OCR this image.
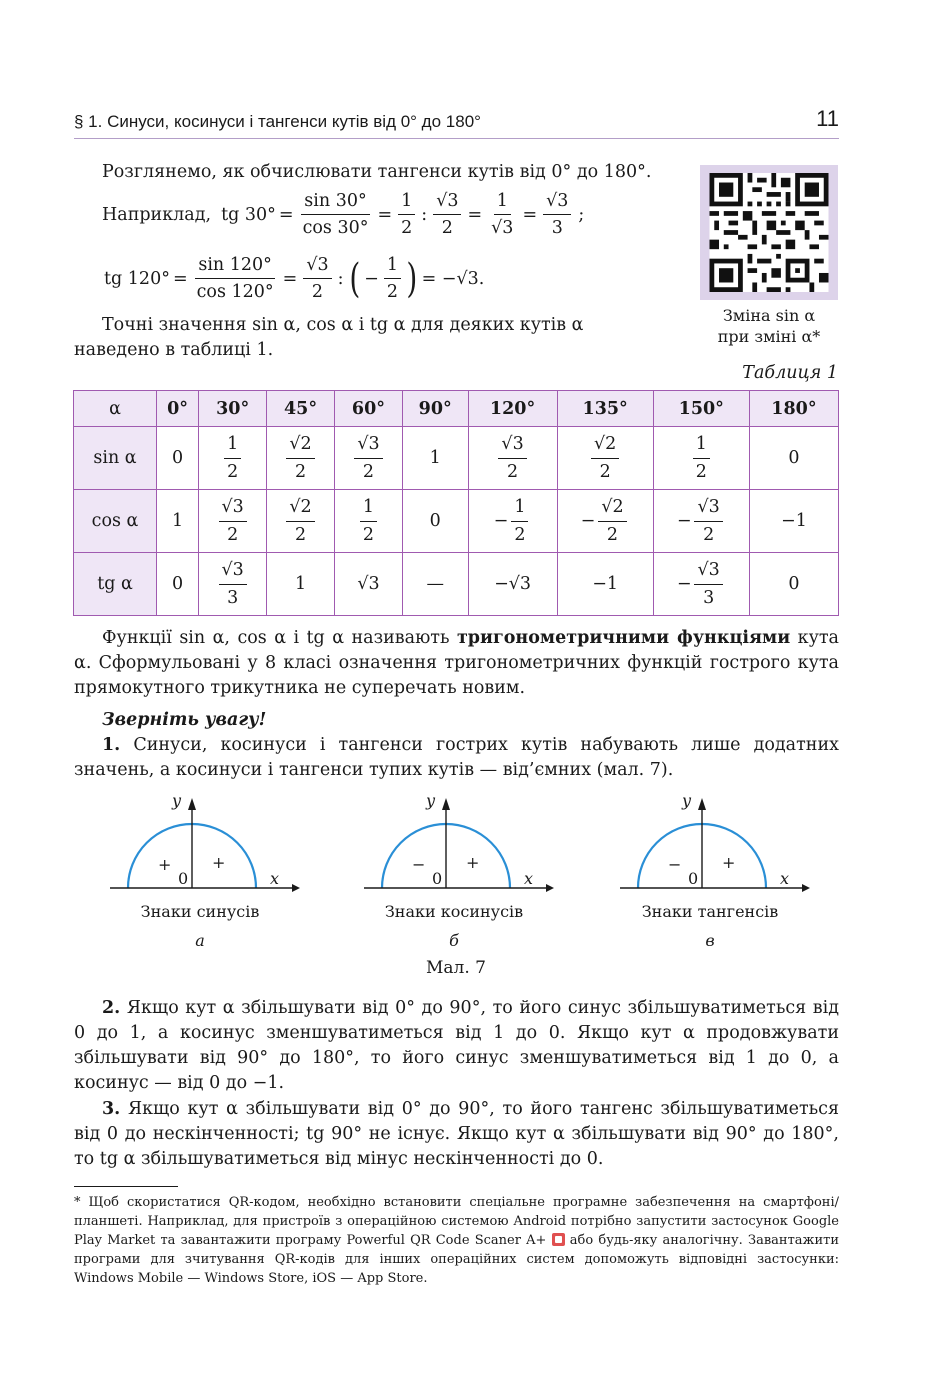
§ 1. Синуси, косинуси і тангенси кутів від 0° до 180°	11
Розглянемо, як обчислювати тангенси кутів від 0° до 180°.
Наприклад, tg $30^\circ = \frac{\sin 30^\circ}{\cos 30^\circ} = \frac{1}{2}$ : $\frac{√3}{2} = \frac{1}{√3} = \frac{√3}{3}$ ;
tg $120^\circ = \frac{\sin 120^\circ}{\cos 120^\circ} = \frac{√3}{2}$ : ( − $\frac{1}{2}$ ) = −√3.
Зміна sin α
при зміні α*
Точні значення sin α, cos α і tg α для деяких кутів α наведено в таблиці 1.
Таблиця 1
α	0°	30°	45°	60°	90°	120°	135°	150°	180°
sin α	0	$\frac{1}{2}$	$\frac{√2}{2}$	$\frac{√3}{2}$	1	$\frac{√3}{2}$	$\frac{√2}{2}$	$\frac{1}{2}$	0
cos α	1	$\frac{√3}{2}$	$\frac{√2}{2}$	$\frac{1}{2}$	0	− $\frac{1}{2}$	− $\frac{√2}{2}$	− $\frac{√3}{2}$	−1
tg α	0	$\frac{√3}{3}$	1	√3	—	−√3	−1	− $\frac{√3}{3}$	0
Функції sin α, cos α і tg α називають тригонометричними функціями кута α. Сформульовані у 8 класі означення тригонометричних функцій гострого кута прямокутного трикутника не суперечать новим.
Зверніть увагу!
1. Синуси, косинуси і тангенси гострих кутів набувають лише додатних значень, а косинуси і тангенси тупих кутів — від’ємних (мал. 7).
y
x
0
+	+
Знаки синусів
а
y
x
0
−	+
Знаки косинусів
б
y
x
0
−	+
Знаки тангенсів
в
Мал. 7
2. Якщо кут α збільшувати від 0° до 90°, то його синус збільшуватиметься від 0 до 1, а косинус зменшуватиметься від 1 до 0. Якщо кут α продовжувати збільшувати від 90° до 180°, то його синус зменшуватиметься від 1 до 0, а косинус — від 0 до −1.
3. Якщо кут α збільшувати від 0° до 90°, то його тангенс збільшуватиметься від 0 до нескінченності; tg 90° не існує. Якщо кут α збільшувати від 90° до 180°, то tg α збільшуватиметься від мінус нескінченності до 0.
* Щоб скористатися QR-кодом, необхідно встановити спеціальне програмне забезпечення на смартфоні/планшеті. Наприклад, для пристроїв з операційною системою Android потрібно запустити застосунок Google Play Market та завантажити програму Powerful QR Code Scaner A+
або будь-яку аналогічну. Завантажити програми для зчитування QR-кодів для інших операційних систем допоможуть відповідні застосунки: Windows Mobile — Windows Store, iOS — App Store.
